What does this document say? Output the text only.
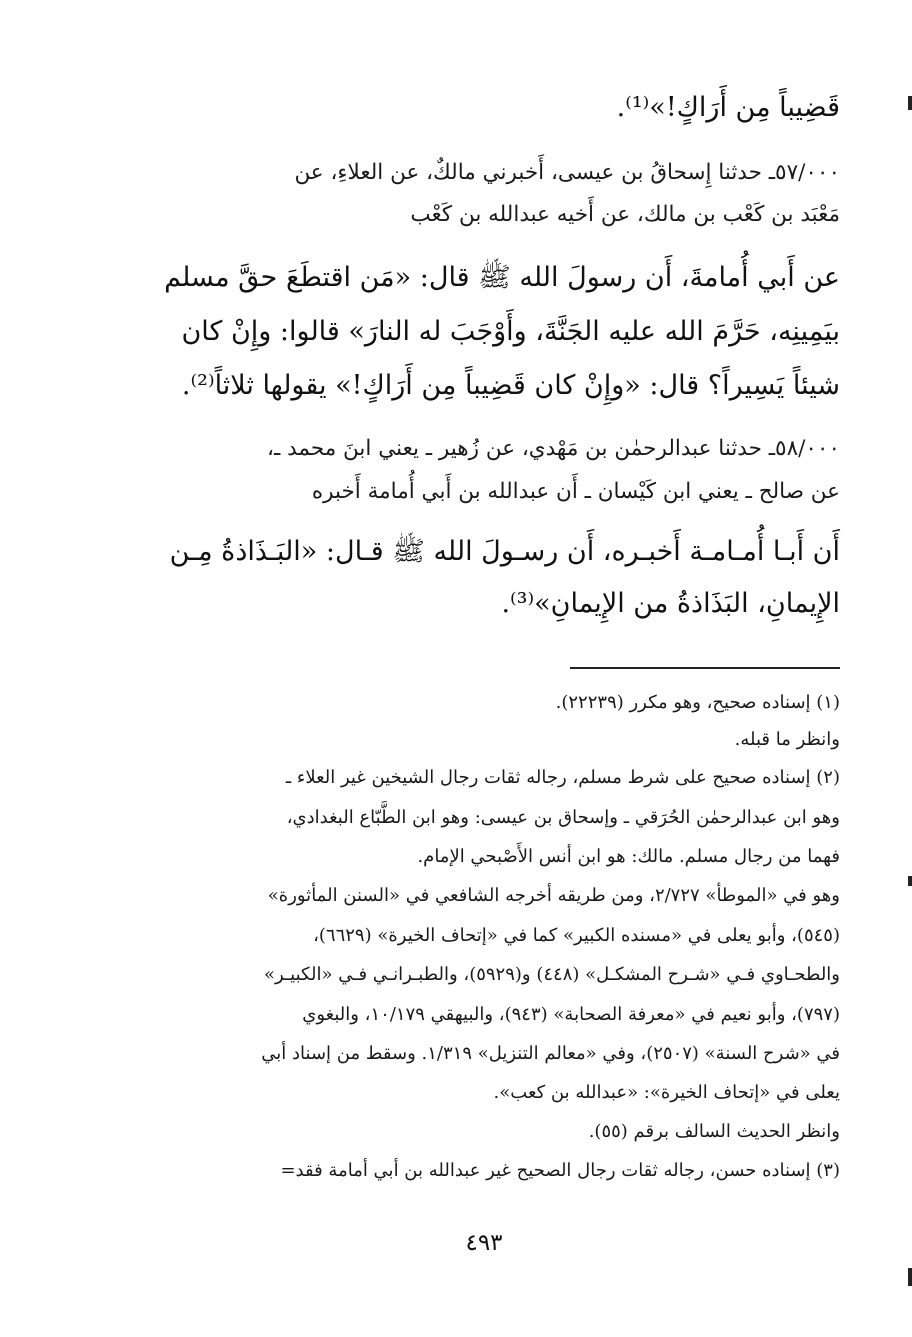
قَضِيباً مِن أَرَاكٍ!»⁽¹⁾.
٥٧/٠٠٠ـ حدثنا إِسحاقُ بن عيسى، أَخبرني مالكٌ، عن العلاءِ، عن
مَعْبَد بن كَعْب بن مالك، عن أَخيه عبدالله بن كَعْب
عن أَبي أُمامةَ، أَن رسولَ الله ﷺ قال: «مَن اقتطَعَ حقَّ مسلم
بيَمِينِه، حَرَّمَ الله عليه الجَنَّةَ، وأَوْجَبَ له النارَ» قالوا: وإِنْ كان
شيئاً يَسِيراً؟ قال: «وإِنْ كان قَضِيباً مِن أَرَاكٍ!» يقولها ثلاثاً⁽²⁾.
٥٨/٠٠٠ـ حدثنا عبدالرحمٰن بن مَهْدي، عن زُهير ـ يعني ابنَ محمد ـ،
عن صالح ـ يعني ابن كَيْسان ـ أَن عبدالله بن أَبي أُمامة أَخبره
أَن أَبـا أُمـامـة أَخبـره، أَن رسـولَ الله ﷺ قـال: «البَـذَاذةُ مِـن
الإِيمانِ، البَذَاذةُ من الإِيمانِ»⁽³⁾.
(١) إسناده صحيح، وهو مكرر (٢٢٢٣٩).
وانظر ما قبله.
(٢) إسناده صحيح على شرط مسلم، رجاله ثقات رجال الشيخين غير العلاء ـ
وهو ابن عبدالرحمٰن الحُرَقي ـ وإسحاق بن عيسى: وهو ابن الطَّبّاع البغدادي،
فهما من رجال مسلم. مالك: هو ابن أنس الأَصْبحي الإمام.
وهو في «الموطأ» ٢/٧٢٧، ومن طريقه أخرجه الشافعي في «السنن المأثورة»
(٥٤٥)، وأبو يعلى في «مسنده الكبير» كما في «إتحاف الخيرة» (٦٦٢٩)،
والطحـاوي فـي «شـرح المشكـل» (٤٤٨) و(٥٩٢٩)، والطبـرانـي فـي «الكبيـر»
(٧٩٧)، وأبو نعيم في «معرفة الصحابة» (٩٤٣)، والبيهقي ١٠/١٧٩، والبغوي
في «شرح السنة» (٢٥٠٧)، وفي «معالم التنزيل» ١/٣١٩. وسقط من إسناد أبي
يعلى في «إتحاف الخيرة»: «عبدالله بن كعب».
وانظر الحديث السالف برقم (٥٥).
(٣) إسناده حسن، رجاله ثقات رجال الصحيح غير عبدالله بن أبي أمامة فقد=
٤٩٣
